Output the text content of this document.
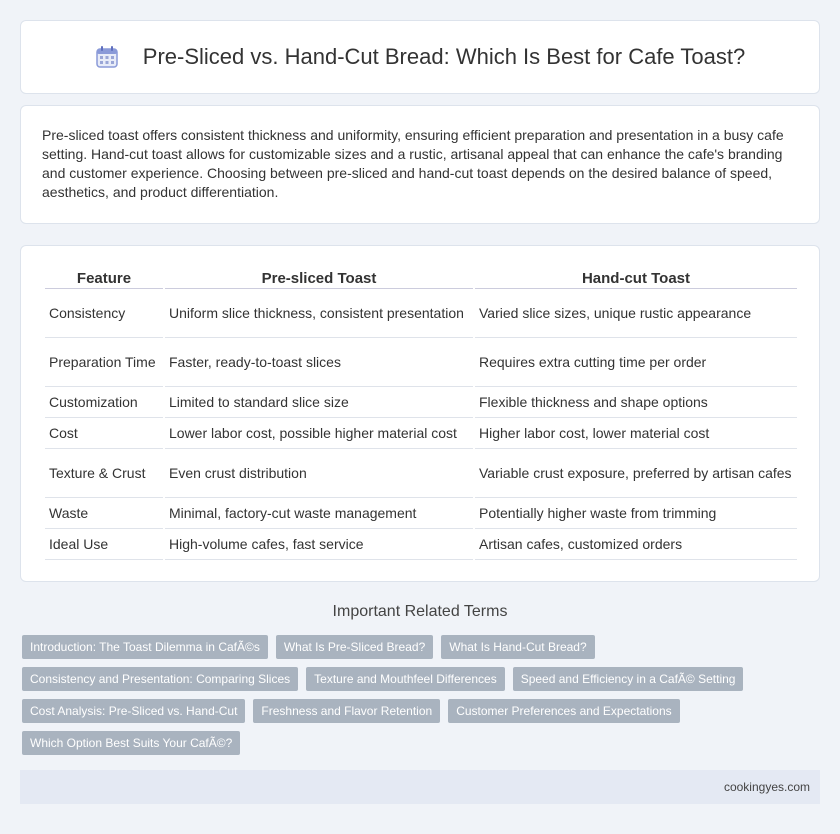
Pre-Sliced vs. Hand-Cut Bread: Which Is Best for Cafe Toast?

Pre-sliced toast offers consistent thickness and uniformity, ensuring efficient preparation and presentation in a busy cafe setting. Hand-cut toast allows for customizable sizes and a rustic, artisanal appeal that can enhance the cafe's branding and customer experience. Choosing between pre-sliced and hand-cut toast depends on the desired balance of speed, aesthetics, and product differentiation.

Feature	Pre-sliced Toast	Hand-cut Toast
Consistency	Uniform slice thickness, consistent presentation	Varied slice sizes, unique rustic appearance
Preparation Time	Faster, ready-to-toast slices	Requires extra cutting time per order
Customization	Limited to standard slice size	Flexible thickness and shape options
Cost	Lower labor cost, possible higher material cost	Higher labor cost, lower material cost
Texture & Crust	Even crust distribution	Variable crust exposure, preferred by artisan cafes
Waste	Minimal, factory-cut waste management	Potentially higher waste from trimming
Ideal Use	High-volume cafes, fast service	Artisan cafes, customized orders
Important Related Terms
Introduction: The Toast Dilemma in CafÃ©s	What Is Pre-Sliced Bread?	What Is Hand-Cut Bread?
Consistency and Presentation: Comparing Slices	Texture and Mouthfeel Differences	Speed and Efficiency in a CafÃ© Setting
Cost Analysis: Pre-Sliced vs. Hand-Cut	Freshness and Flavor Retention	Customer Preferences and Expectations
Which Option Best Suits Your CafÃ©?
cookingyes.com
